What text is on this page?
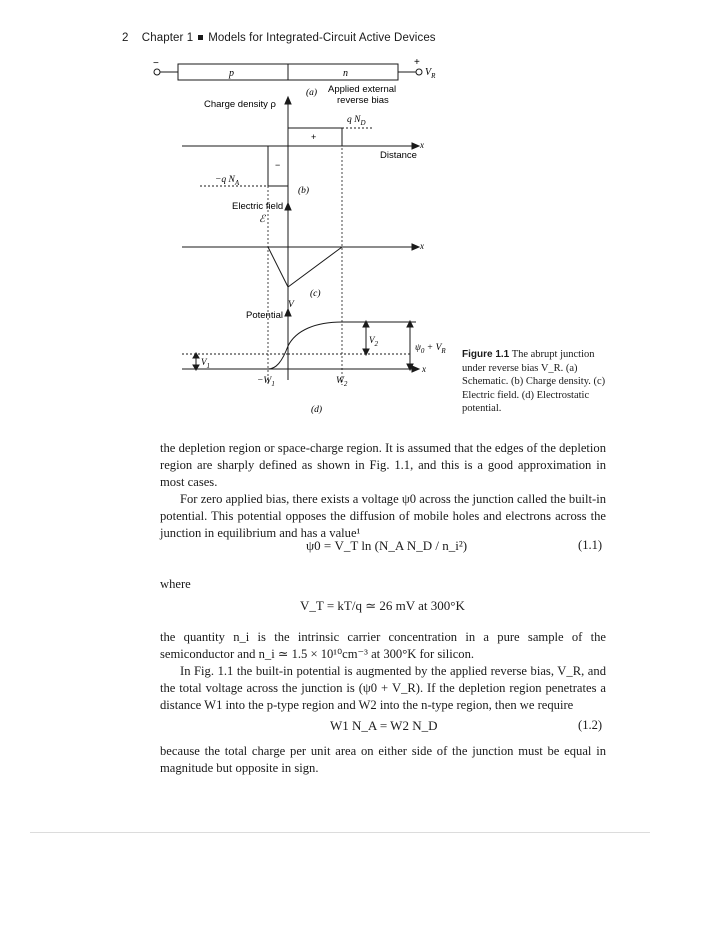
2 Chapter 1 Models for Integrated-Circuit Active Devices
−	+
p	n	$V_R$
(a) Applied external
reverse bias
Charge density ρ
q $N_D$
+
x
Distance
−
−q $N_A$
(b)
Electric field
ℰ
x
(c)
V
Potential
$V_2$	$\psi_0 + V_R$
$V_1$	x
$-W_1$	$W_2$
(d)
Figure 1.1 The abrupt junction under reverse bias V_R. (a) Schematic. (b) Charge density. (c) Electric field. (d) Electrostatic potential.
the depletion region or space-charge region. It is assumed that the edges of the depletion region are sharply defined as shown in Fig. 1.1, and this is a good approximation in most cases.
For zero applied bias, there exists a voltage ψ0 across the junction called the built-in potential. This potential opposes the diffusion of mobile holes and electrons across the junction in equilibrium and has a value¹
ψ0 = V_T ln (N_A N_D / n_i²)	(1.1)
where
V_T = kT/q ≃ 26 mV at 300°K
the quantity n_i is the intrinsic carrier concentration in a pure sample of the semiconductor and n_i ≃ 1.5 × 10¹⁰cm⁻³ at 300°K for silicon.
In Fig. 1.1 the built-in potential is augmented by the applied reverse bias, V_R, and the total voltage across the junction is (ψ0 + V_R). If the depletion region penetrates a distance W1 into the p-type region and W2 into the n-type region, then we require
W1 N_A = W2 N_D	(1.2)
because the total charge per unit area on either side of the junction must be equal in magnitude but opposite in sign.
